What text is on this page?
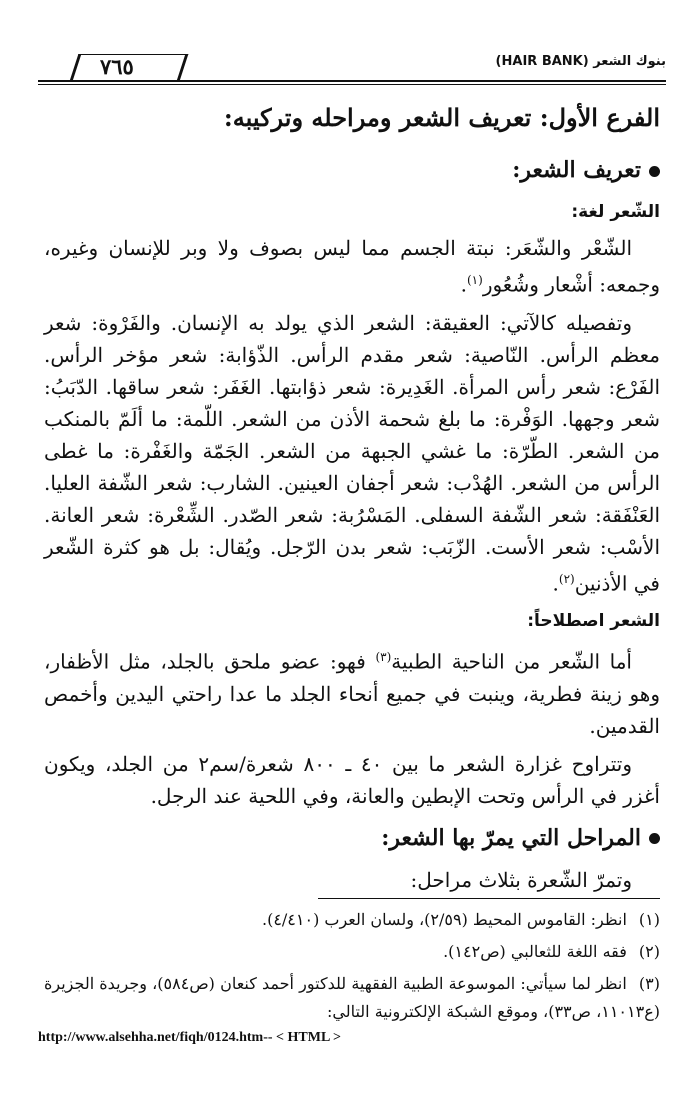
٧٦٥	بنوك الشعر (HAIR BANK)
الفرع الأول: تعريف الشعر ومراحله وتركيبه:
تعريف الشعر:
الشّعر لغة:

الشّعْر والشّعَر: نبتة الجسم مما ليس بصوف ولا وبر للإنسان وغيره، وجمعه: أشْعار وشُعُور$^{(١)}$.

وتفصيله كالآتي: العقيقة: الشعر الذي يولد به الإنسان. والفَرْوة: شعر معظم الرأس. النّاصية: شعر مقدم الرأس. الذّؤابة: شعر مؤخر الرأس. الفَرْع: شعر رأس المرأة. الغَدِيرة: شعر ذؤابتها. الغَفَر: شعر ساقها. الدّبَبُ: شعر وجهها. الوَفْرة: ما بلغ شحمة الأذن من الشعر. اللّمة: ما ألَمّ بالمنكب من الشعر. الطّرّة: ما غشي الجبهة من الشعر. الجَمّة والغَفْرة: ما غطى الرأس من الشعر. الهُدْب: شعر أجفان العينين. الشارب: شعر الشّفة العليا. العَنْفَقة: شعر الشّفة السفلى. المَسْرُبة: شعر الصّدر. الشِّعْرة: شعر العانة. الأسْب: شعر الأست. الزّبَب: شعر بدن الرّجل. ويُقال: بل هو كثرة الشّعر في الأذنين$^{(٢)}$.

الشعر اصطلاحاً:

أما الشّعر من الناحية الطبية$^{(٣)}$ فهو: عضو ملحق بالجلد، مثل الأظفار، وهو زينة فطرية، وينبت في جميع أنحاء الجلد ما عدا راحتي اليدين وأخمص القدمين.

وتتراوح غزارة الشعر ما بين ٤٠ ـ ٨٠٠ شعرة/سم٢ من الجلد، ويكون أغزر في الرأس وتحت الإبطين والعانة، وفي اللحية عند الرجل.

المراحل التي يمرّ بها الشعر:

وتمرّ الشّعرة بثلاث مراحل:

(١) انظر: القاموس المحيط (٢/٥٩)، ولسان العرب (٤/٤١٠).
(٢) فقه اللغة للثعالبي (ص١٤٢).
(٣) انظر لما سيأتي: الموسوعة الطبية الفقهية للدكتور أحمد كنعان (ص٥٨٤)، وجريدة الجزيرة (ع١١٠١٣، ص٣٣)، وموقع الشبكة الإلكترونية التالي:
http://www.alsehha.net/fiqh/0124.htm-- < HTML >
